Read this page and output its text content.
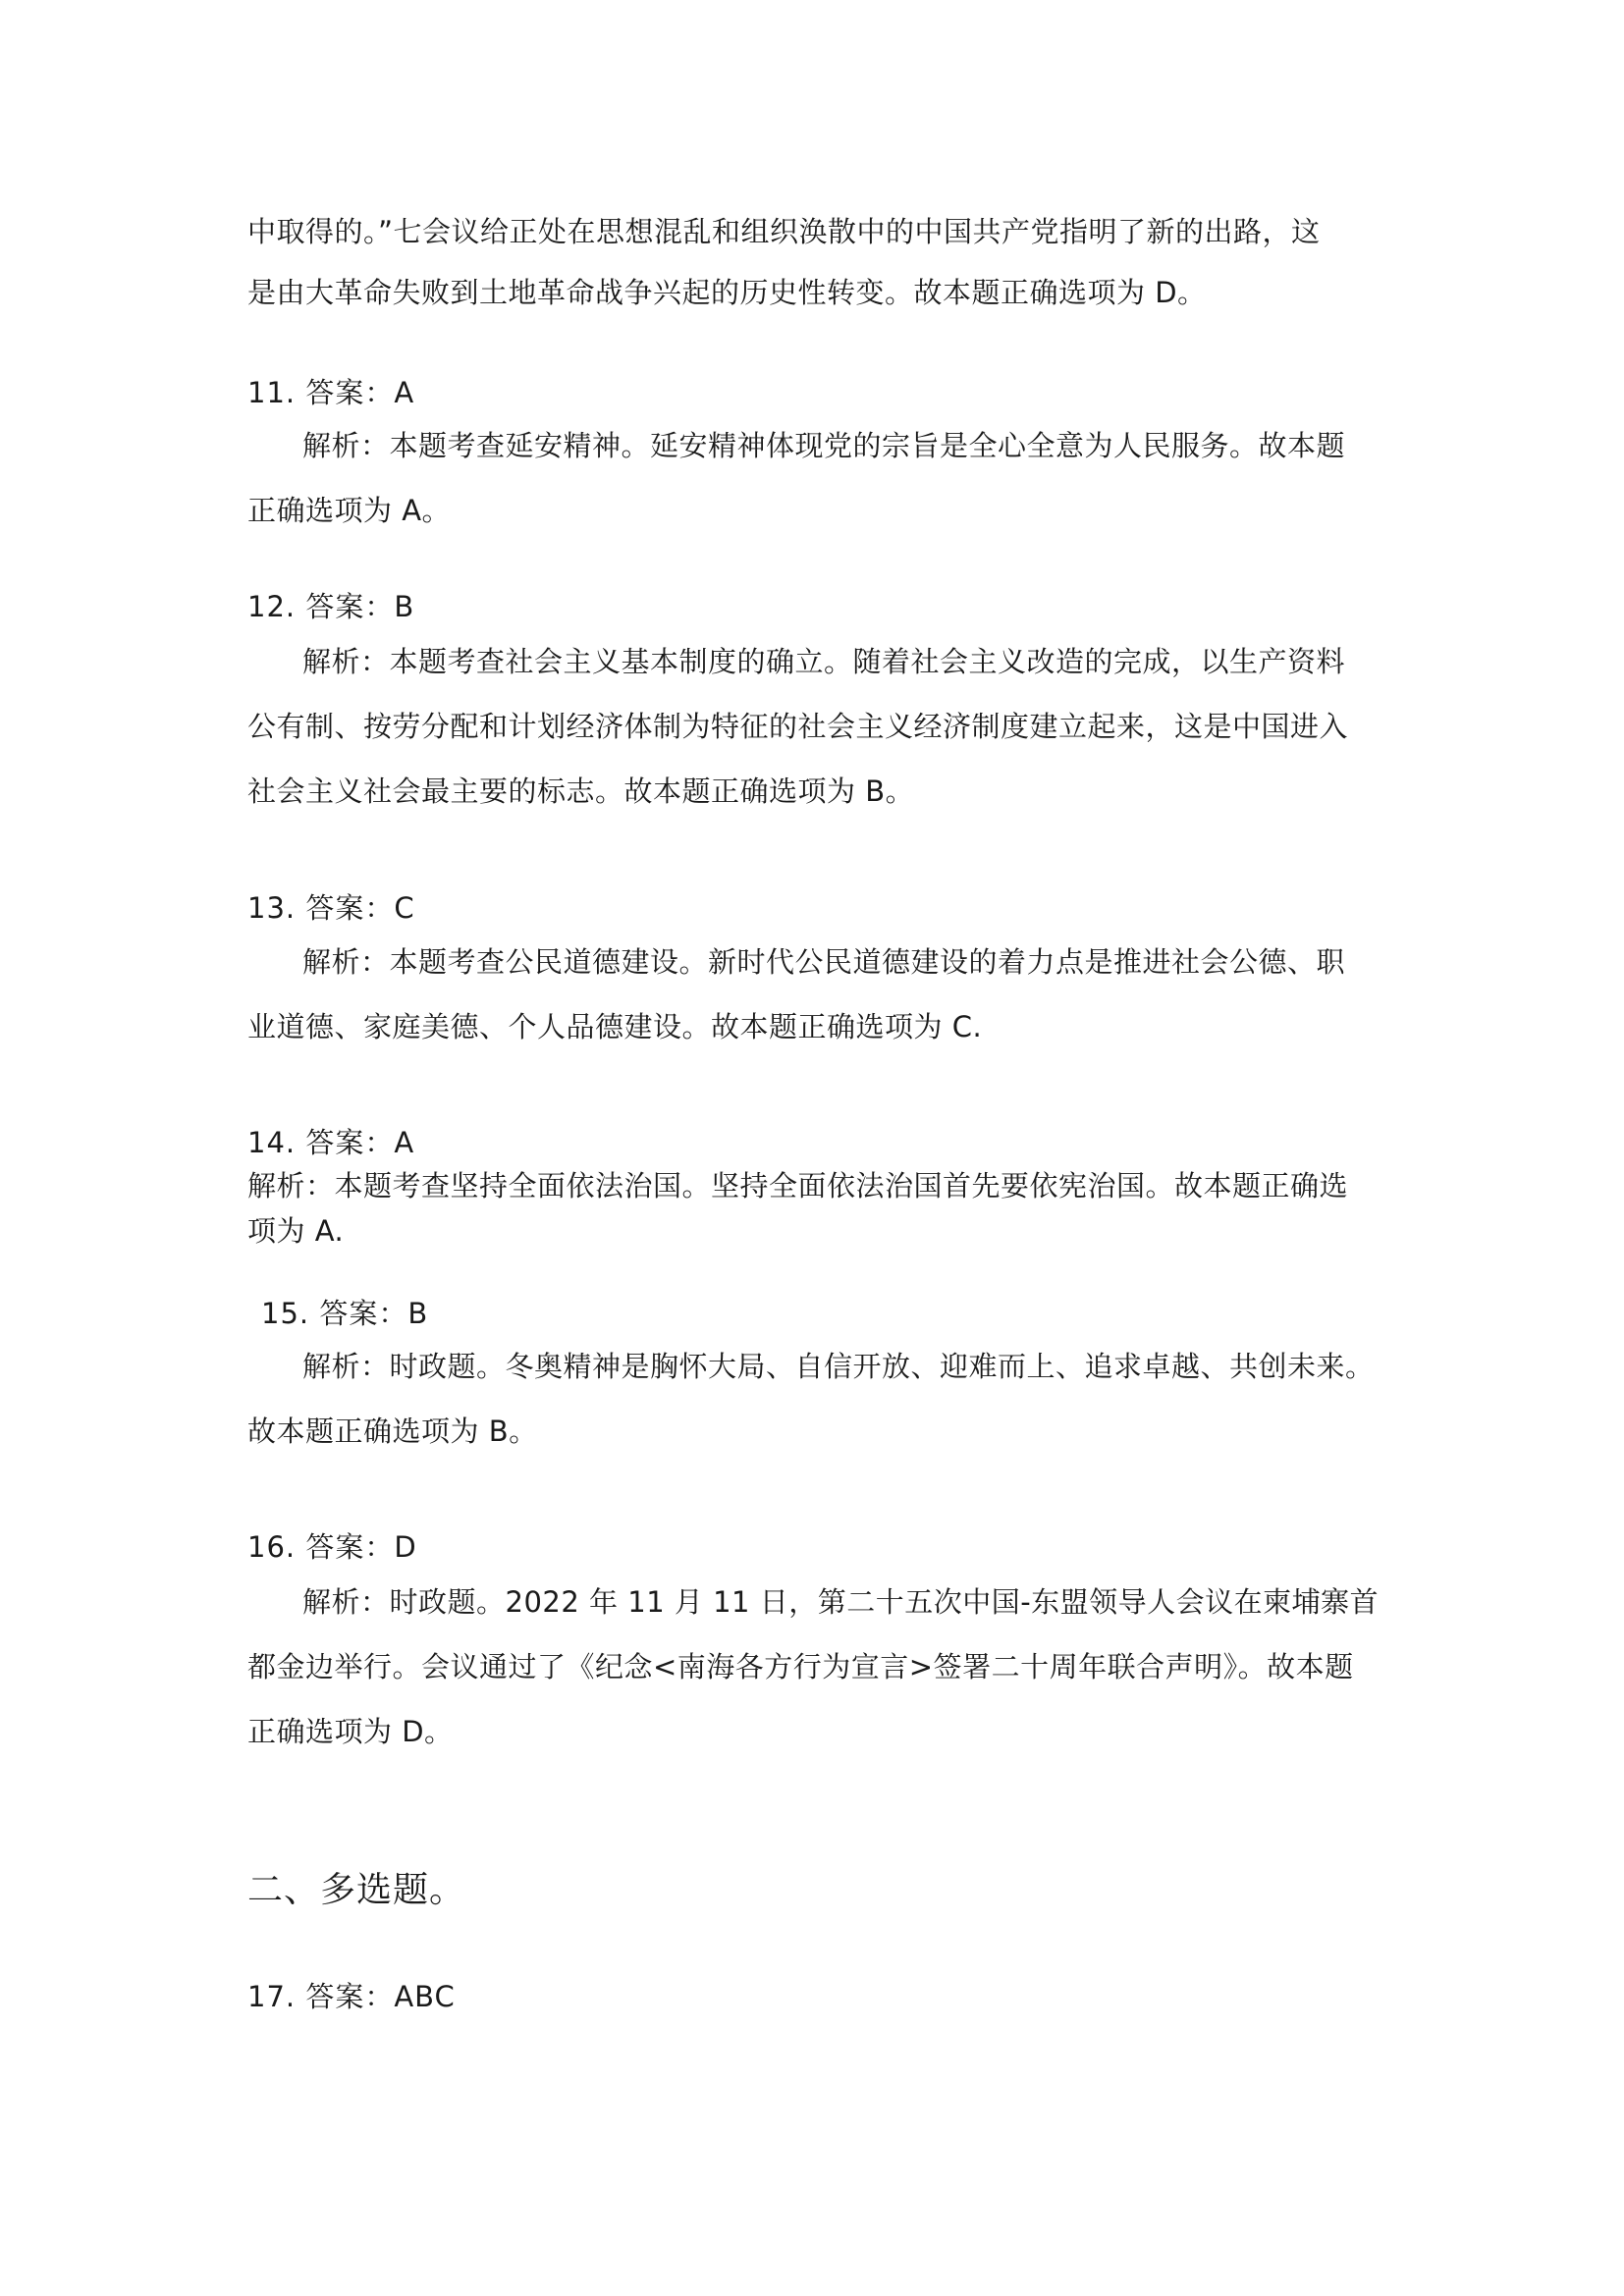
中取得的。”七会议给正处在思想混乱和组织涣散中的中国共产党指明了新的出路，这
是由大革命失败到土地革命战争兴起的历史性转变。故本题正确选项为 D。
11. 答案：A
解析：本题考查延安精神。延安精神体现党的宗旨是全心全意为人民服务。故本题
正确选项为 A。
12. 答案：B
解析：本题考查社会主义基本制度的确立。随着社会主义改造的完成，以生产资料
公有制、按劳分配和计划经济体制为特征的社会主义经济制度建立起来，这是中国进入
社会主义社会最主要的标志。故本题正确选项为 B。
13. 答案：C
解析：本题考查公民道德建设。新时代公民道德建设的着力点是推进社会公德、职
业道德、家庭美德、个人品德建设。故本题正确选项为 C.
14. 答案：A
解析：本题考查坚持全面依法治国。坚持全面依法治国首先要依宪治国。故本题正确选
项为 A.
15. 答案：B
解析：时政题。冬奥精神是胸怀大局、自信开放、迎难而上、追求卓越、共创未来。
故本题正确选项为 B。
16. 答案：D
解析：时政题。2022 年 11 月 11 日，第二十五次中国-东盟领导人会议在柬埔寨首
都金边举行。会议通过了《纪念<南海各方行为宣言>签署二十周年联合声明》。故本题
正确选项为 D。
二、多选题。
17. 答案：ABC
